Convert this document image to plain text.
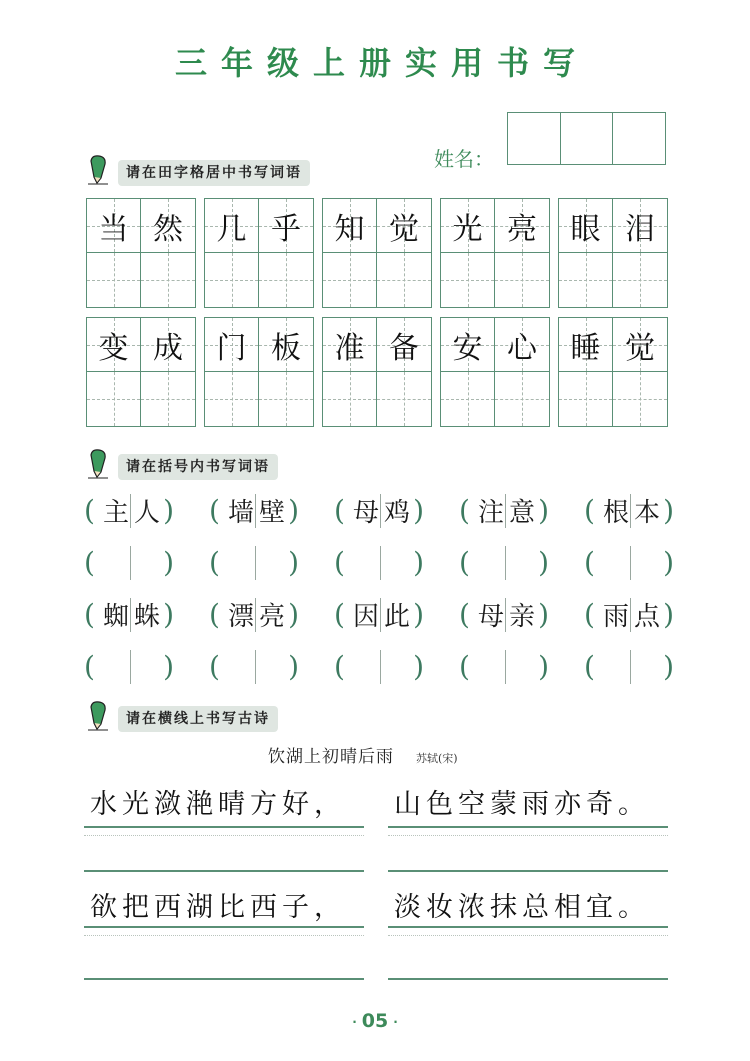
三年级上册实用书写
姓名：
请在田字格居中书写词语
当 然 几 乎 知 觉 光 亮 眼 泪
变 成 门 板 准 备 安 心 睡 觉
请在括号内书写词语
( 主 人 ) ( 墙 壁 ) ( 母 鸡 ) ( 注 意 ) ( 根 本 )
( ) ( ) ( ) ( ) ( )
( 蜘 蛛 ) ( 漂 亮 ) ( 因 此 ) ( 母 亲 ) ( 雨 点 )
( ) ( ) ( ) ( ) ( )
请在横线上书写古诗
饮湖上初晴后雨 苏轼(宋)
水光潋滟晴方好，	山色空蒙雨亦奇。
欲把西湖比西子，	淡妆浓抹总相宜。
· 05 ·
